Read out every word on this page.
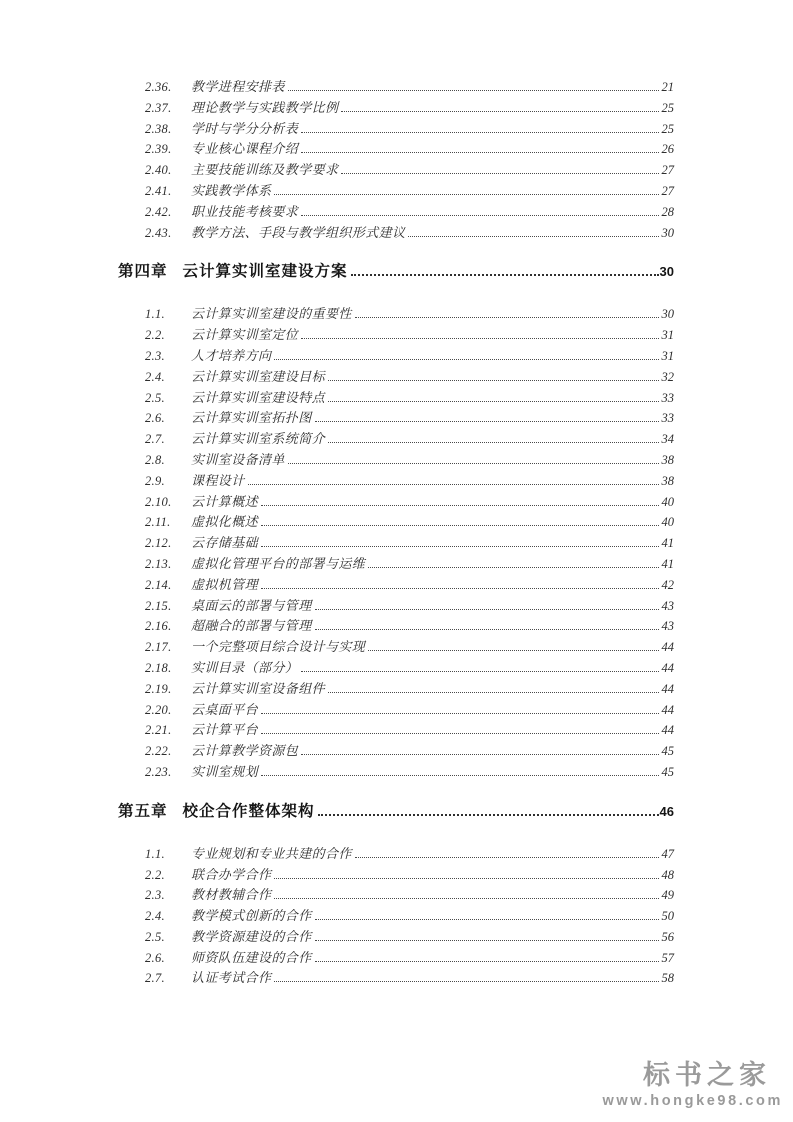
2.36.	教学进程安排表	21
2.37.	理论教学与实践教学比例	25
2.38.	学时与学分分析表	25
2.39.	专业核心课程介绍	26
2.40.	主要技能训练及教学要求	27
2.41.	实践教学体系	27
2.42.	职业技能考核要求	28
2.43.	教学方法、手段与教学组织形式建议	30
第四章 云计算实训室建设方案	30
1.1.	云计算实训室建设的重要性	30
2.2.	云计算实训室定位	31
2.3.	人才培养方向	31
2.4.	云计算实训室建设目标	32
2.5.	云计算实训室建设特点	33
2.6.	云计算实训室拓扑图	33
2.7.	云计算实训室系统简介	34
2.8.	实训室设备清单	38
2.9.	课程设计	38
2.10.	云计算概述	40
2.11.	虚拟化概述	40
2.12.	云存储基础	41
2.13.	虚拟化管理平台的部署与运维	41
2.14.	虚拟机管理	42
2.15.	桌面云的部署与管理	43
2.16.	超融合的部署与管理	43
2.17.	一个完整项目综合设计与实现	44
2.18.	实训目录（部分）	44
2.19.	云计算实训室设备组件	44
2.20.	云桌面平台	44
2.21.	云计算平台	44
2.22.	云计算教学资源包	45
2.23.	实训室规划	45
第五章 校企合作整体架构	46
1.1.	专业规划和专业共建的合作	47
2.2.	联合办学合作	48
2.3.	教材教辅合作	49
2.4.	教学模式创新的合作	50
2.5.	教学资源建设的合作	56
2.6.	师资队伍建设的合作	57
2.7.	认证考试合作	58
标书之家
www.hongke98.com
